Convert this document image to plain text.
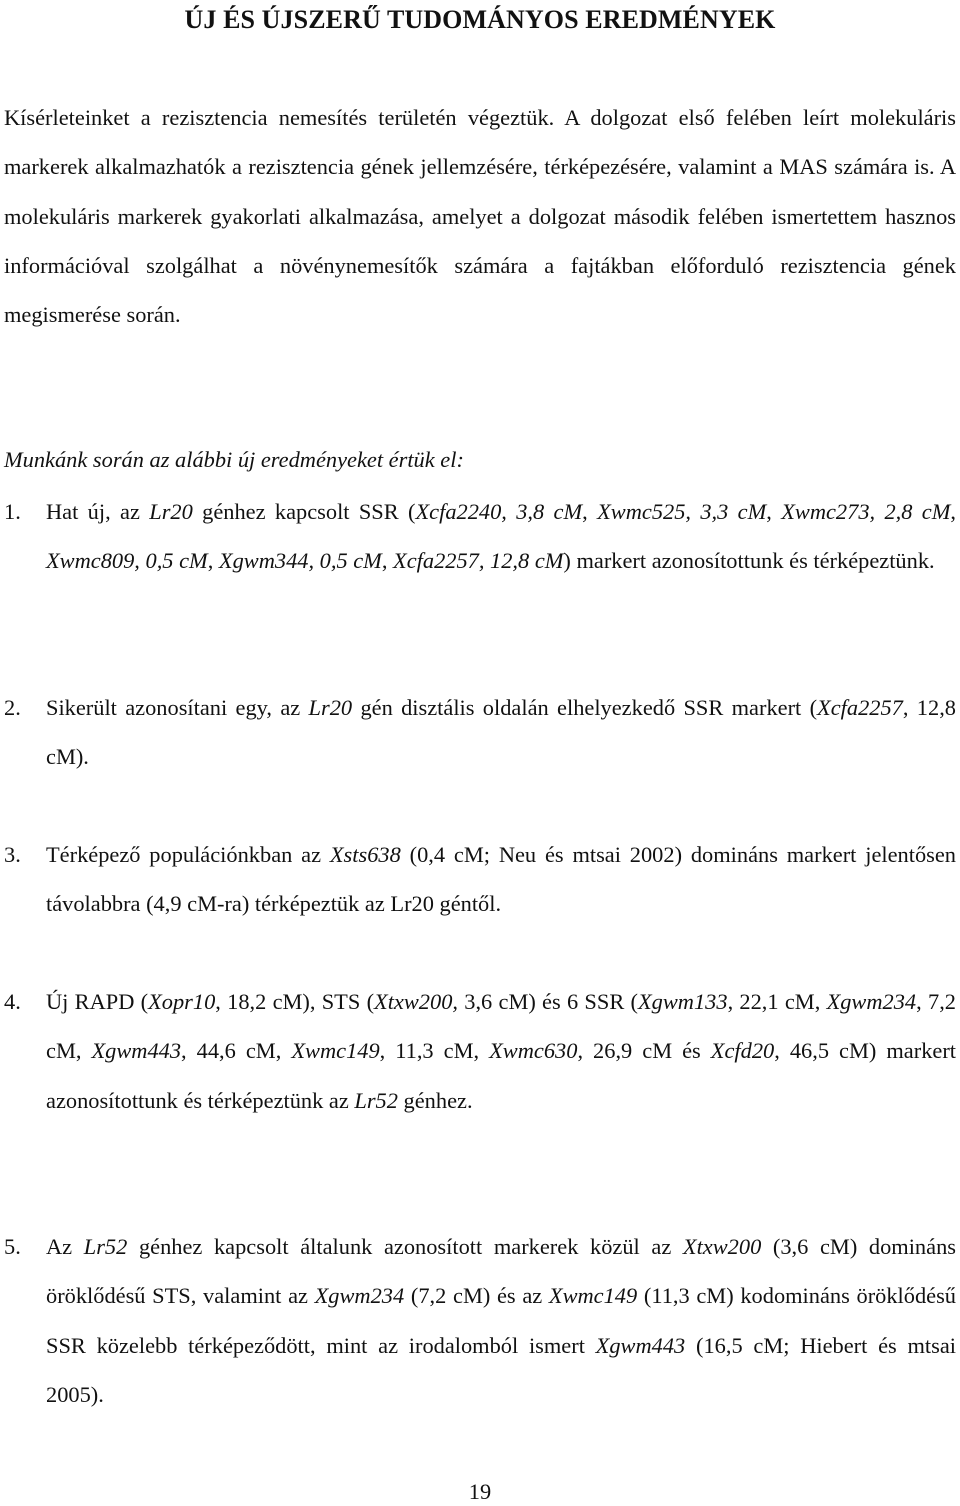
ÚJ ÉS ÚJSZERŰ TUDOMÁNYOS EREDMÉNYEK

Kísérleteinket a rezisztencia nemesítés területén végeztük. A dolgozat első felében leírt molekuláris markerek alkalmazhatók a rezisztencia gének jellemzésére, térképezésére, valamint a MAS számára is. A molekuláris markerek gyakorlati alkalmazása, amelyet a dolgozat második felében ismertettem hasznos információval szolgálhat a növénynemesítők számára a fajtákban előforduló rezisztencia gének megismerése során.

Munkánk során az alábbi új eredményeket értük el:

1. Hat új, az Lr20 génhez kapcsolt SSR (Xcfa2240, 3,8 cM, Xwmc525, 3,3 cM, Xwmc273, 2,8 cM, Xwmc809, 0,5 cM, Xgwm344, 0,5 cM, Xcfa2257, 12,8 cM) markert azonosítottunk és térképeztünk.
2. Sikerült azonosítani egy, az Lr20 gén disztális oldalán elhelyezkedő SSR markert (Xcfa2257, 12,8 cM).
3. Térképező populációnkban az Xsts638 (0,4 cM; Neu és mtsai 2002) domináns markert jelentősen távolabbra (4,9 cM-ra) térképeztük az Lr20 géntől.
4. Új RAPD (Xopr10, 18,2 cM), STS (Xtxw200, 3,6 cM) és 6 SSR (Xgwm133, 22,1 cM, Xgwm234, 7,2 cM, Xgwm443, 44,6 cM, Xwmc149, 11,3 cM, Xwmc630, 26,9 cM és Xcfd20, 46,5 cM) markert azonosítottunk és térképeztünk az Lr52 génhez.
5. Az Lr52 génhez kapcsolt általunk azonosított markerek közül az Xtxw200 (3,6 cM) domináns öröklődésű STS, valamint az Xgwm234 (7,2 cM) és az Xwmc149 (11,3 cM) kodomináns öröklődésű SSR közelebb térképeződött, mint az irodalomból ismert Xgwm443 (16,5 cM; Hiebert és mtsai 2005).
19
